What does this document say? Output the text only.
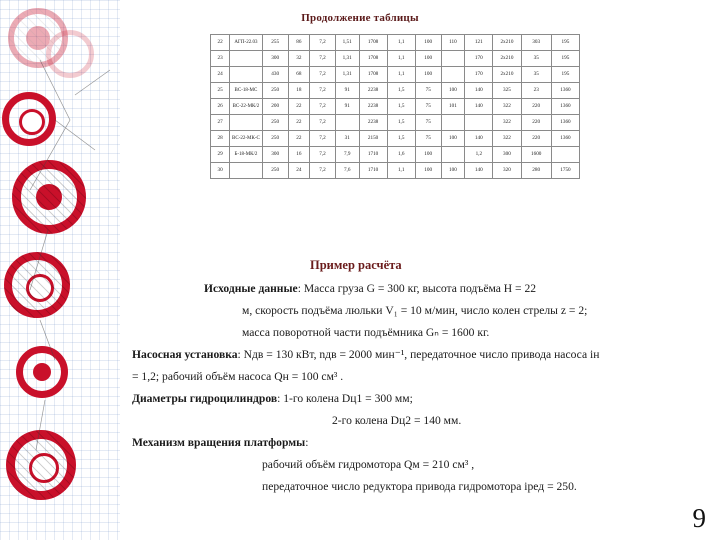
Продолжение таблицы
22	АГП-22.03	255	86	7,2	1,51	1708	1,1	100	110	121	2х210	303	195
23		300	32	7,2	1,31	1708	1,1	100		170	2х210	35	195
24		430	68	7,2	1,31	1708	1,1	100		170	2х210	35	195
25	ВС-18-МС	250	18	7,2	91	2238	1,5	75	100	140	325	23	1360
26	ВС-22-МК/2	200	22	7,2	91	2238	1,5	75	101	140	322	220	1360
27		250	22	7,2		2238	1,5	75			322	220	1360
28	ВС-22-МК-С	250	22	7,2	31	2150	1,5	75	100	140	322	220	1360
29	Б-18-МК/2	300	16	7,2	7,9	1710	1,6	100		1,2	300	1600	
30		250	24	7,2	7,6	1710	1,1	100	100	140	320	280	1750
Пример расчёта

Исходные данные: Масса груза G = 300 кг, высота подъёма H = 22

м, скорость подъёма люльки V₁ = 10 м/мин, число колен стрелы z = 2;

масса поворотной части подъёмника Gₙ = 1600 кг.

Насосная установка: Nдв = 130 кВт, nдв = 2000 мин⁻¹, передаточное число привода насоса iн

= 1,2; рабочий объём насоса Qн = 100 см³ .

Диаметры гидроцилиндров: 1-го колена Dц1 = 300 мм;

2-го колена Dц2 = 140 мм.

Механизм вращения платформы:

рабочий объём гидромотора Qм = 210 см³ ,

передаточное число редуктора привода гидромотора iред = 250.

9
